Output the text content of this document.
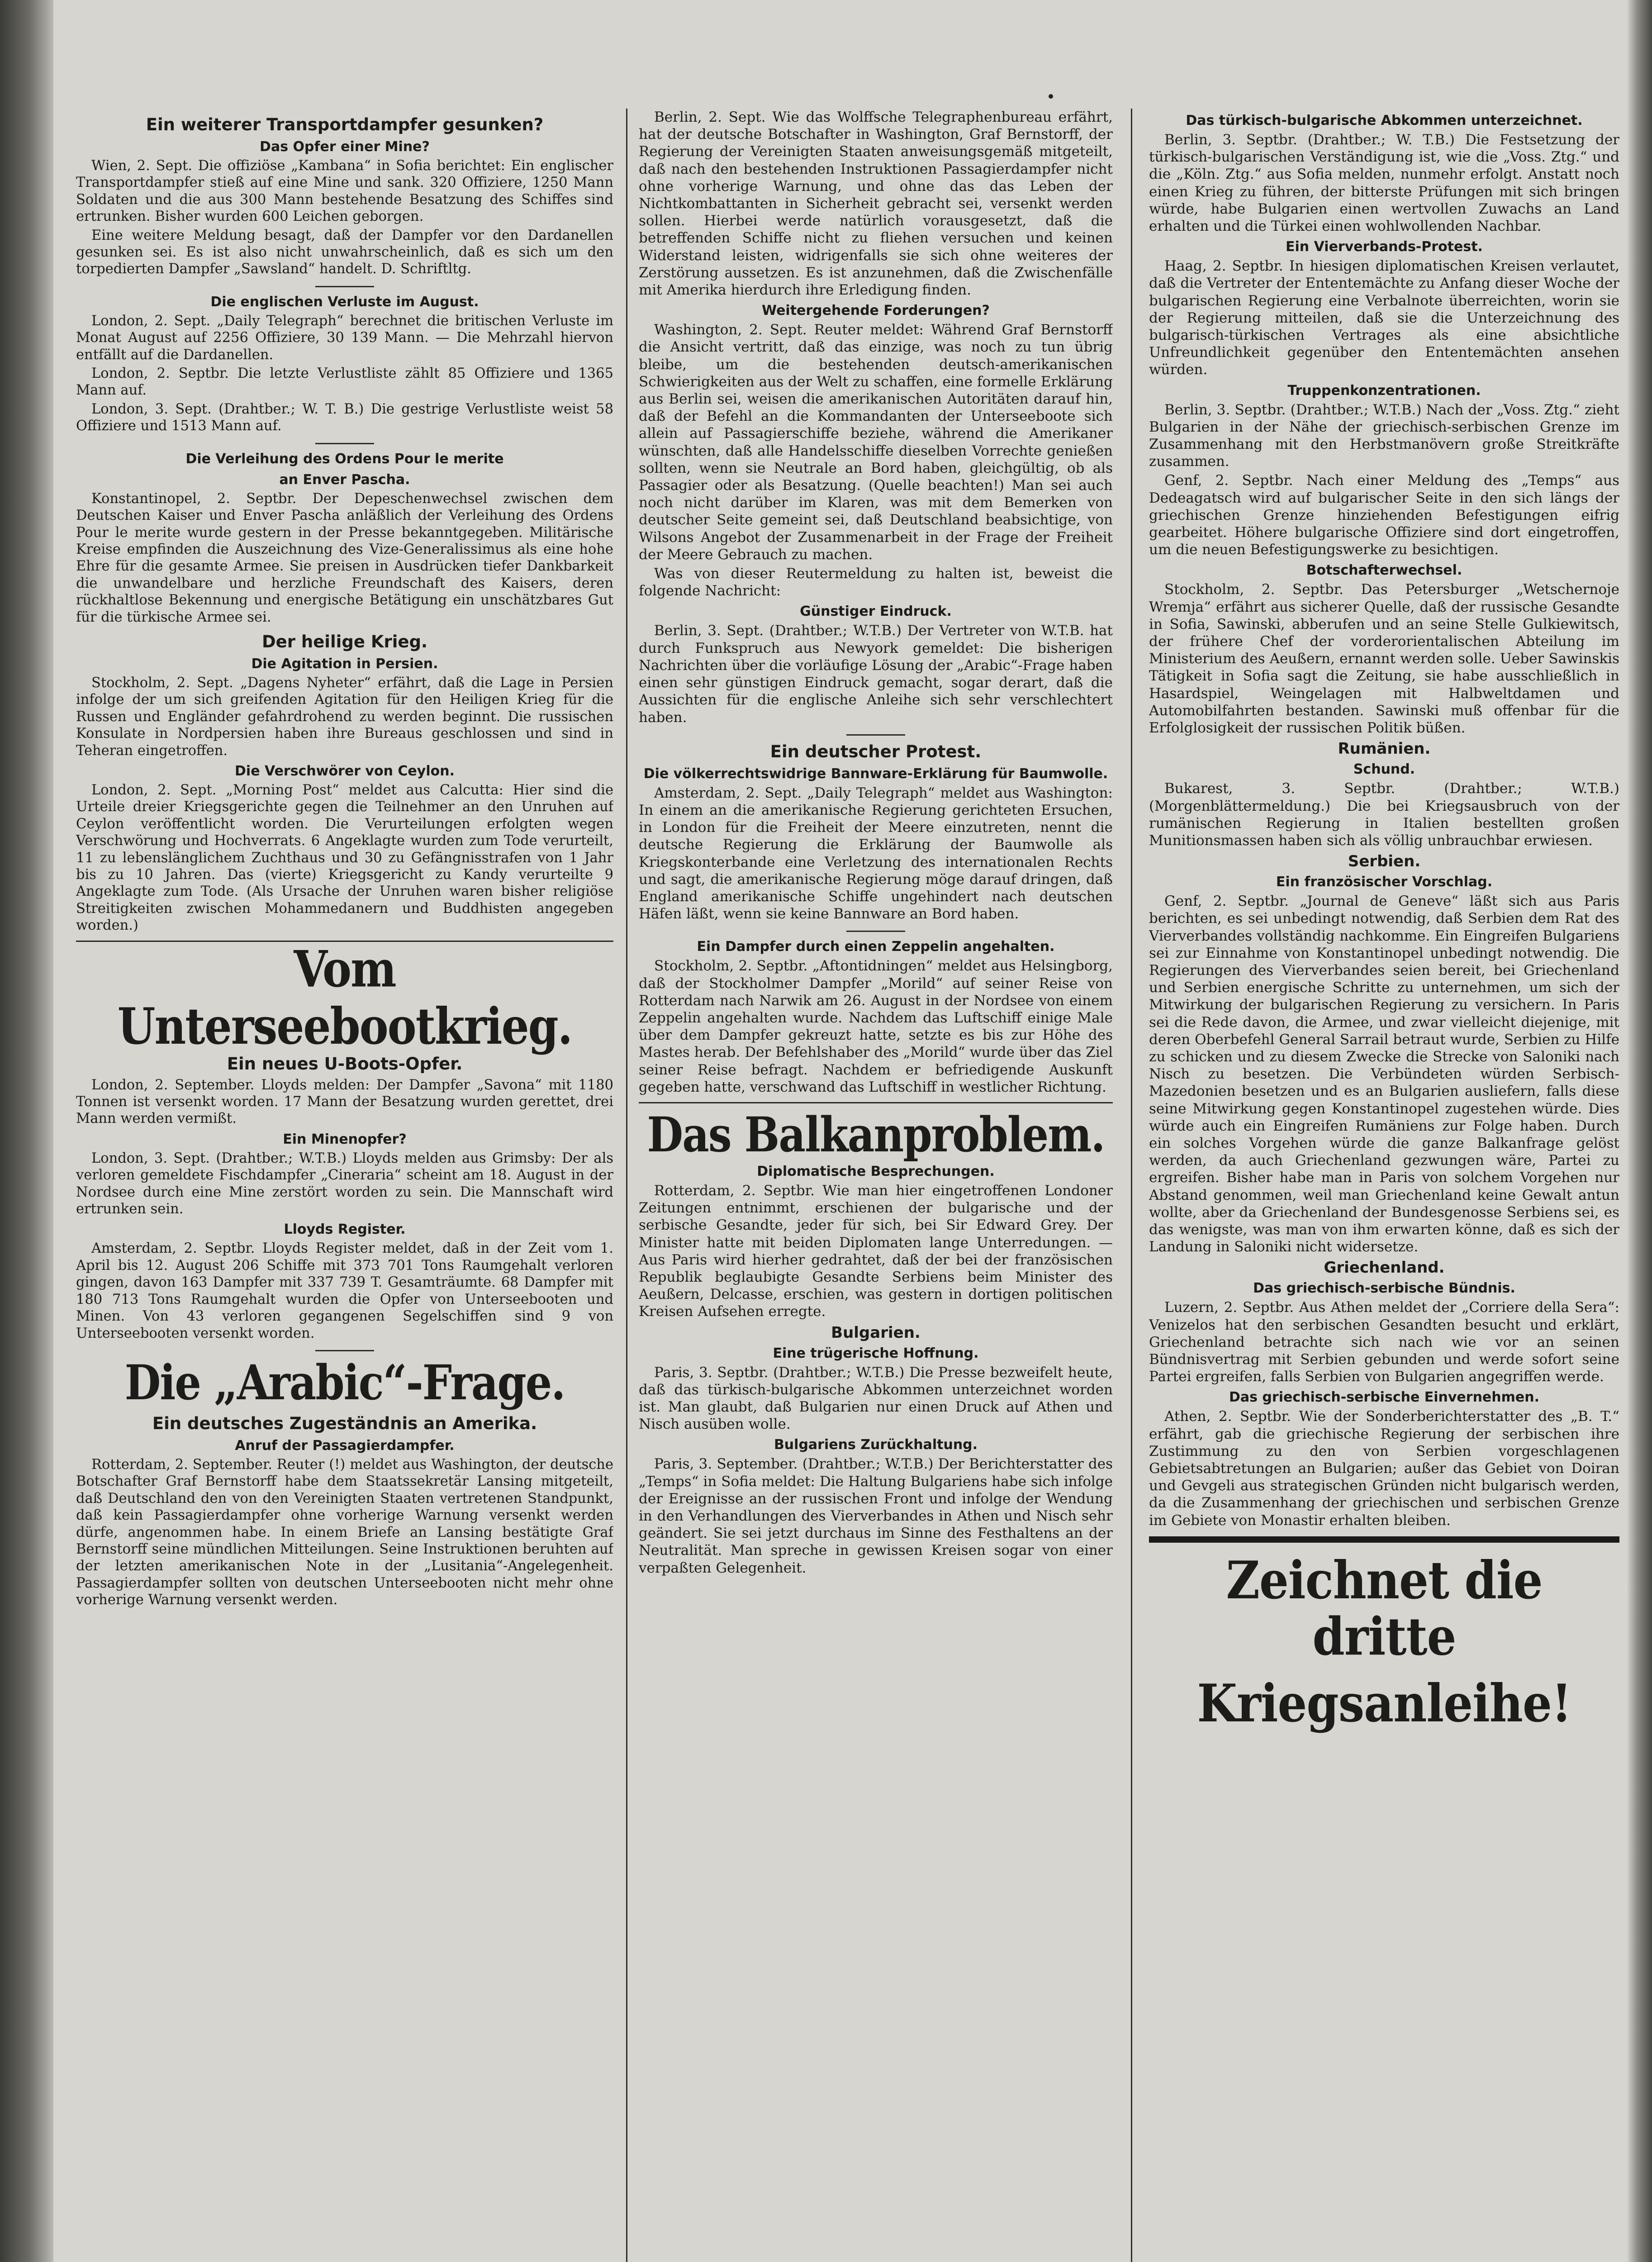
Ein weiterer Transportdampfer gesunken?
Das Opfer einer Mine?

Wien, 2. Sept. Die offiziöse „Kambana“ in Sofia berichtet: Ein englischer Transportdampfer stieß auf eine Mine und sank. 320 Offiziere, 1250 Mann Soldaten und die aus 300 Mann bestehende Besatzung des Schiffes sind ertrunken. Bisher wurden 600 Leichen geborgen.

Eine weitere Meldung besagt, daß der Dampfer vor den Dardanellen gesunken sei. Es ist also nicht unwahrscheinlich, daß es sich um den torpedierten Dampfer „Sawsland“ handelt. D. Schriftltg.

Die englischen Verluste im August.

London, 2. Sept. „Daily Telegraph“ berechnet die britischen Verluste im Monat August auf 2256 Offiziere, 30 139 Mann. — Die Mehrzahl hiervon entfällt auf die Dardanellen.

London, 2. Septbr. Die letzte Verlustliste zählt 85 Offiziere und 1365 Mann auf.

London, 3. Sept. (Drahtber.; W. T. B.) Die gestrige Verlustliste weist 58 Offiziere und 1513 Mann auf.

Die Verleihung des Ordens Pour le merite
an Enver Pascha.

Konstantinopel, 2. Septbr. Der Depeschenwechsel zwischen dem Deutschen Kaiser und Enver Pascha anläßlich der Verleihung des Ordens Pour le merite wurde gestern in der Presse bekanntgegeben. Militärische Kreise empfinden die Auszeichnung des Vize-Generalissimus als eine hohe Ehre für die gesamte Armee. Sie preisen in Ausdrücken tiefer Dankbarkeit die unwandelbare und herzliche Freundschaft des Kaisers, deren rückhaltlose Bekennung und energische Betätigung ein unschätzbares Gut für die türkische Armee sei.

Der heilige Krieg.
Die Agitation in Persien.

Stockholm, 2. Sept. „Dagens Nyheter“ erfährt, daß die Lage in Persien infolge der um sich greifenden Agitation für den Heiligen Krieg für die Russen und Engländer gefahrdrohend zu werden beginnt. Die russischen Konsulate in Nordpersien haben ihre Bureaus geschlossen und sind in Teheran eingetroffen.

Die Verschwörer von Ceylon.

London, 2. Sept. „Morning Post“ meldet aus Calcutta: Hier sind die Urteile dreier Kriegsgerichte gegen die Teilnehmer an den Unruhen auf Ceylon veröffentlicht worden. Die Verurteilungen erfolgten wegen Verschwörung und Hochverrats. 6 Angeklagte wurden zum Tode verurteilt, 11 zu lebenslänglichem Zuchthaus und 30 zu Gefängnisstrafen von 1 Jahr bis zu 10 Jahren. Das (vierte) Kriegsgericht zu Kandy verurteilte 9 Angeklagte zum Tode. (Als Ursache der Unruhen waren bisher religiöse Streitigkeiten zwischen Mohammedanern und Buddhisten angegeben worden.)

Vom Unterseebootkrieg.
Ein neues U-Boots-Opfer.

London, 2. September. Lloyds melden: Der Dampfer „Savona“ mit 1180 Tonnen ist versenkt worden. 17 Mann der Besatzung wurden gerettet, drei Mann werden vermißt.

Ein Minenopfer?

London, 3. Sept. (Drahtber.; W.T.B.) Lloyds melden aus Grimsby: Der als verloren gemeldete Fischdampfer „Cineraria“ scheint am 18. August in der Nordsee durch eine Mine zerstört worden zu sein. Die Mannschaft wird ertrunken sein.

Lloyds Register.

Amsterdam, 2. Septbr. Lloyds Register meldet, daß in der Zeit vom 1. April bis 12. August 206 Schiffe mit 373 701 Tons Raumgehalt verloren gingen, davon 163 Dampfer mit 337 739 T. Gesamträumte. 68 Dampfer mit 180 713 Tons Raumgehalt wurden die Opfer von Unterseebooten und Minen. Von 43 verloren gegangenen Segelschiffen sind 9 von Unterseebooten versenkt worden.

Die „Arabic“-Frage.
Ein deutsches Zugeständnis an Amerika.
Anruf der Passagierdampfer.

Rotterdam, 2. September. Reuter (!) meldet aus Washington, der deutsche Botschafter Graf Bernstorff habe dem Staatssekretär Lansing mitgeteilt, daß Deutschland den von den Vereinigten Staaten vertretenen Standpunkt, daß kein Passagierdampfer ohne vorherige Warnung versenkt werden dürfe, angenommen habe. In einem Briefe an Lansing bestätigte Graf Bernstorff seine mündlichen Mitteilungen. Seine Instruktionen beruhten auf der letzten amerikanischen Note in der „Lusitania“-Angelegenheit. Passagierdampfer sollten von deutschen Unterseebooten nicht mehr ohne vorherige Warnung versenkt werden.

Berlin, 2. Sept. Wie das Wolffsche Telegraphenbureau erfährt, hat der deutsche Botschafter in Washington, Graf Bernstorff, der Regierung der Vereinigten Staaten anweisungsgemäß mitgeteilt, daß nach den bestehenden Instruktionen Passagierdampfer nicht ohne vorherige Warnung, und ohne das das Leben der Nichtkombattanten in Sicherheit gebracht sei, versenkt werden sollen. Hierbei werde natürlich vorausgesetzt, daß die betreffenden Schiffe nicht zu fliehen versuchen und keinen Widerstand leisten, widrigenfalls sie sich ohne weiteres der Zerstörung aussetzen. Es ist anzunehmen, daß die Zwischenfälle mit Amerika hierdurch ihre Erledigung finden.

Weitergehende Forderungen?

Washington, 2. Sept. Reuter meldet: Während Graf Bernstorff die Ansicht vertritt, daß das einzige, was noch zu tun übrig bleibe, um die bestehenden deutsch-amerikanischen Schwierigkeiten aus der Welt zu schaffen, eine formelle Erklärung aus Berlin sei, weisen die amerikanischen Autoritäten darauf hin, daß der Befehl an die Kommandanten der Unterseeboote sich allein auf Passagierschiffe beziehe, während die Amerikaner wünschten, daß alle Handelsschiffe dieselben Vorrechte genießen sollten, wenn sie Neutrale an Bord haben, gleichgültig, ob als Passagier oder als Besatzung. (Quelle beachten!) Man sei auch noch nicht darüber im Klaren, was mit dem Bemerken von deutscher Seite gemeint sei, daß Deutschland beabsichtige, von Wilsons Angebot der Zusammenarbeit in der Frage der Freiheit der Meere Gebrauch zu machen.

Was von dieser Reutermeldung zu halten ist, beweist die folgende Nachricht:

Günstiger Eindruck.

Berlin, 3. Sept. (Drahtber.; W.T.B.) Der Vertreter von W.T.B. hat durch Funkspruch aus Newyork gemeldet: Die bisherigen Nachrichten über die vorläufige Lösung der „Arabic“-Frage haben einen sehr günstigen Eindruck gemacht, sogar derart, daß die Aussichten für die englische Anleihe sich sehr verschlechtert haben.

Ein deutscher Protest.
Die völkerrechtswidrige Bannware-Erklärung für Baumwolle.

Amsterdam, 2. Sept. „Daily Telegraph“ meldet aus Washington: In einem an die amerikanische Regierung gerichteten Ersuchen, in London für die Freiheit der Meere einzutreten, nennt die deutsche Regierung die Erklärung der Baumwolle als Kriegskonterbande eine Verletzung des internationalen Rechts und sagt, die amerikanische Regierung möge darauf dringen, daß England amerikanische Schiffe ungehindert nach deutschen Häfen läßt, wenn sie keine Bannware an Bord haben.

Ein Dampfer durch einen Zeppelin angehalten.

Stockholm, 2. Septbr. „Aftontidningen“ meldet aus Helsingborg, daß der Stockholmer Dampfer „Morild“ auf seiner Reise von Rotterdam nach Narwik am 26. August in der Nordsee von einem Zeppelin angehalten wurde. Nachdem das Luftschiff einige Male über dem Dampfer gekreuzt hatte, setzte es bis zur Höhe des Mastes herab. Der Befehlshaber des „Morild“ wurde über das Ziel seiner Reise befragt. Nachdem er befriedigende Auskunft gegeben hatte, verschwand das Luftschiff in westlicher Richtung.

Das Balkanproblem.
Diplomatische Besprechungen.

Rotterdam, 2. Septbr. Wie man hier eingetroffenen Londoner Zeitungen entnimmt, erschienen der bulgarische und der serbische Gesandte, jeder für sich, bei Sir Edward Grey. Der Minister hatte mit beiden Diplomaten lange Unterredungen. — Aus Paris wird hierher gedrahtet, daß der bei der französischen Republik beglaubigte Gesandte Serbiens beim Minister des Aeußern, Delcasse, erschien, was gestern in dortigen politischen Kreisen Aufsehen erregte.

Bulgarien.
Eine trügerische Hoffnung.

Paris, 3. Septbr. (Drahtber.; W.T.B.) Die Presse bezweifelt heute, daß das türkisch-bulgarische Abkommen unterzeichnet worden ist. Man glaubt, daß Bulgarien nur einen Druck auf Athen und Nisch ausüben wolle.

Bulgariens Zurückhaltung.

Paris, 3. September. (Drahtber.; W.T.B.) Der Berichterstatter des „Temps“ in Sofia meldet: Die Haltung Bulgariens habe sich infolge der Ereignisse an der russischen Front und infolge der Wendung in den Verhandlungen des Vierverbandes in Athen und Nisch sehr geändert. Sie sei jetzt durchaus im Sinne des Festhaltens an der Neutralität. Man spreche in gewissen Kreisen sogar von einer verpaßten Gelegenheit.

Das türkisch-bulgarische Abkommen unterzeichnet.

Berlin, 3. Septbr. (Drahtber.; W. T.B.) Die Festsetzung der türkisch-bulgarischen Verständigung ist, wie die „Voss. Ztg.“ und die „Köln. Ztg.“ aus Sofia melden, nunmehr erfolgt. Anstatt noch einen Krieg zu führen, der bitterste Prüfungen mit sich bringen würde, habe Bulgarien einen wertvollen Zuwachs an Land erhalten und die Türkei einen wohlwollenden Nachbar.

Ein Vierverbands-Protest.

Haag, 2. Septbr. In hiesigen diplomatischen Kreisen verlautet, daß die Vertreter der Ententemächte zu Anfang dieser Woche der bulgarischen Regierung eine Verbalnote überreichten, worin sie der Regierung mitteilen, daß sie die Unterzeichnung des bulgarisch-türkischen Vertrages als eine absichtliche Unfreundlichkeit gegenüber den Ententemächten ansehen würden.

Truppenkonzentrationen.

Berlin, 3. Septbr. (Drahtber.; W.T.B.) Nach der „Voss. Ztg.“ zieht Bulgarien in der Nähe der griechisch-serbischen Grenze im Zusammenhang mit den Herbstmanövern große Streitkräfte zusammen.

Genf, 2. Septbr. Nach einer Meldung des „Temps“ aus Dedeagatsch wird auf bulgarischer Seite in den sich längs der griechischen Grenze hinziehenden Befestigungen eifrig gearbeitet. Höhere bulgarische Offiziere sind dort eingetroffen, um die neuen Befestigungswerke zu besichtigen.

Botschafterwechsel.

Stockholm, 2. Septbr. Das Petersburger „Wetschernoje Wremja“ erfährt aus sicherer Quelle, daß der russische Gesandte in Sofia, Sawinski, abberufen und an seine Stelle Gulkiewitsch, der frühere Chef der vorderorientalischen Abteilung im Ministerium des Aeußern, ernannt werden solle. Ueber Sawinskis Tätigkeit in Sofia sagt die Zeitung, sie habe ausschließlich in Hasardspiel, Weingelagen mit Halbweltdamen und Automobilfahrten bestanden. Sawinski muß offenbar für die Erfolglosigkeit der russischen Politik büßen.

Rumänien.
Schund.

Bukarest, 3. Septbr. (Drahtber.; W.T.B.) (Morgenblättermeldung.) Die bei Kriegsausbruch von der rumänischen Regierung in Italien bestellten großen Munitionsmassen haben sich als völlig unbrauchbar erwiesen.

Serbien.
Ein französischer Vorschlag.

Genf, 2. Septbr. „Journal de Geneve“ läßt sich aus Paris berichten, es sei unbedingt notwendig, daß Serbien dem Rat des Vierverbandes vollständig nachkomme. Ein Eingreifen Bulgariens sei zur Einnahme von Konstantinopel unbedingt notwendig. Die Regierungen des Vierverbandes seien bereit, bei Griechenland und Serbien energische Schritte zu unternehmen, um sich der Mitwirkung der bulgarischen Regierung zu versichern. In Paris sei die Rede davon, die Armee, und zwar vielleicht diejenige, mit deren Oberbefehl General Sarrail betraut wurde, Serbien zu Hilfe zu schicken und zu diesem Zwecke die Strecke von Saloniki nach Nisch zu besetzen. Die Verbündeten würden Serbisch-Mazedonien besetzen und es an Bulgarien ausliefern, falls diese seine Mitwirkung gegen Konstantinopel zugestehen würde. Dies würde auch ein Eingreifen Rumäniens zur Folge haben. Durch ein solches Vorgehen würde die ganze Balkanfrage gelöst werden, da auch Griechenland gezwungen wäre, Partei zu ergreifen. Bisher habe man in Paris von solchem Vorgehen nur Abstand genommen, weil man Griechenland keine Gewalt antun wollte, aber da Griechenland der Bundesgenosse Serbiens sei, es das wenigste, was man von ihm erwarten könne, daß es sich der Landung in Saloniki nicht widersetze.

Griechenland.
Das griechisch-serbische Bündnis.

Luzern, 2. Septbr. Aus Athen meldet der „Corriere della Sera“: Venizelos hat den serbischen Gesandten besucht und erklärt, Griechenland betrachte sich nach wie vor an seinen Bündnisvertrag mit Serbien gebunden und werde sofort seine Partei ergreifen, falls Serbien von Bulgarien angegriffen werde.

Das griechisch-serbische Einvernehmen.

Athen, 2. Septbr. Wie der Sonderberichterstatter des „B. T.“ erfährt, gab die griechische Regierung der serbischen ihre Zustimmung zu den von Serbien vorgeschlagenen Gebietsabtretungen an Bulgarien; außer das Gebiet von Doiran und Gevgeli aus strategischen Gründen nicht bulgarisch werden, da die Zusammenhang der griechischen und serbischen Grenze im Gebiete von Monastir erhalten bleiben.

Zeichnet die
dritte Kriegsanleihe!
